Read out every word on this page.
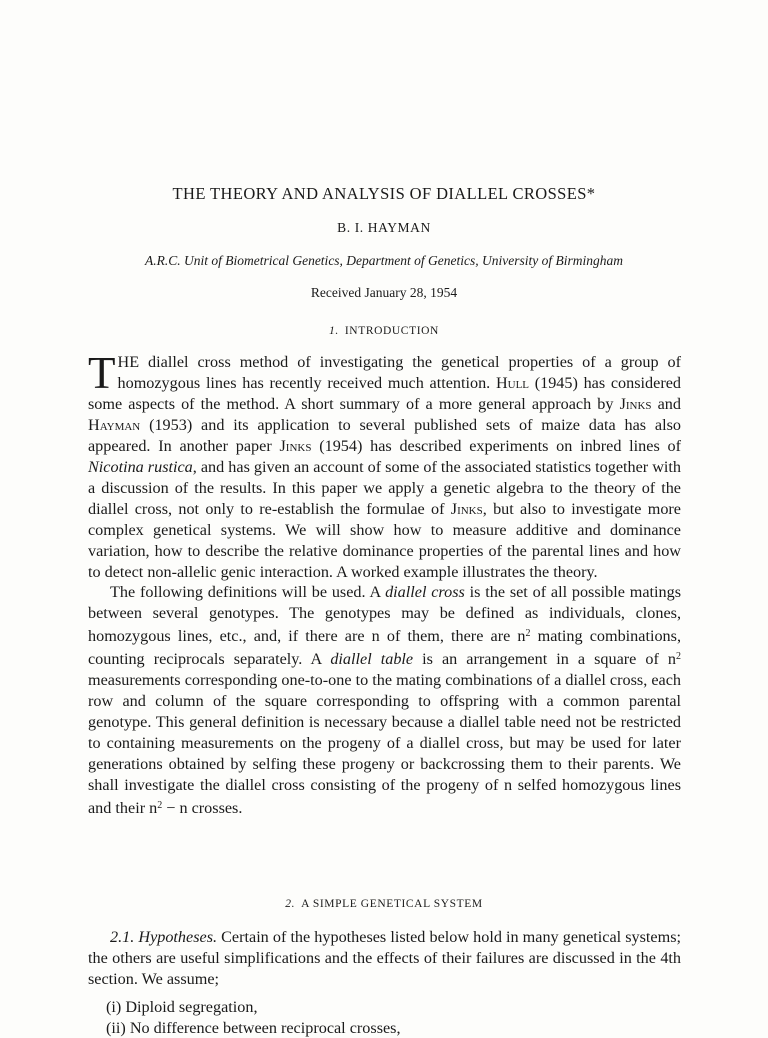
THE THEORY AND ANALYSIS OF DIALLEL CROSSES*
B. I. HAYMAN
A.R.C. Unit of Biometrical Genetics, Department of Genetics, University of Birmingham
Received January 28, 1954
1. INTRODUCTION

THE diallel cross method of investigating the genetical properties of a group of homozygous lines has recently received much attention. Hull (1945) has considered some aspects of the method. A short summary of a more general approach by Jinks and Hayman (1953) and its application to several published sets of maize data has also appeared. In another paper Jinks (1954) has described experiments on inbred lines of Nicotina rustica, and has given an account of some of the associated statistics together with a discussion of the results. In this paper we apply a genetic algebra to the theory of the diallel cross, not only to re-establish the formulae of Jinks, but also to investigate more complex genetical systems. We will show how to measure additive and dominance variation, how to describe the relative dominance properties of the parental lines and how to detect non-allelic genic interaction. A worked example illustrates the theory.

The following definitions will be used. A diallel cross is the set of all possible matings between several genotypes. The genotypes may be defined as individuals, clones, homozygous lines, etc., and, if there are n of them, there are $n^2$ mating combinations, counting reciprocals separately. A diallel table is an arrangement in a square of $n^2$ measurements corresponding one-to-one to the mating combinations of a diallel cross, each row and column of the square corresponding to offspring with a common parental genotype. This general definition is necessary because a diallel table need not be restricted to containing measurements on the progeny of a diallel cross, but may be used for later generations obtained by selfing these progeny or backcrossing them to their parents. We shall investigate the diallel cross consisting of the progeny of n selfed homozygous lines and their $n^2 - n$ crosses.

2. A SIMPLE GENETICAL SYSTEM

2.1. Hypotheses. Certain of the hypotheses listed below hold in many genetical systems; the others are useful simplifications and the effects of their failures are discussed in the 4th section. We assume;

(i) Diploid segregation,
(ii) No difference between reciprocal crosses,
